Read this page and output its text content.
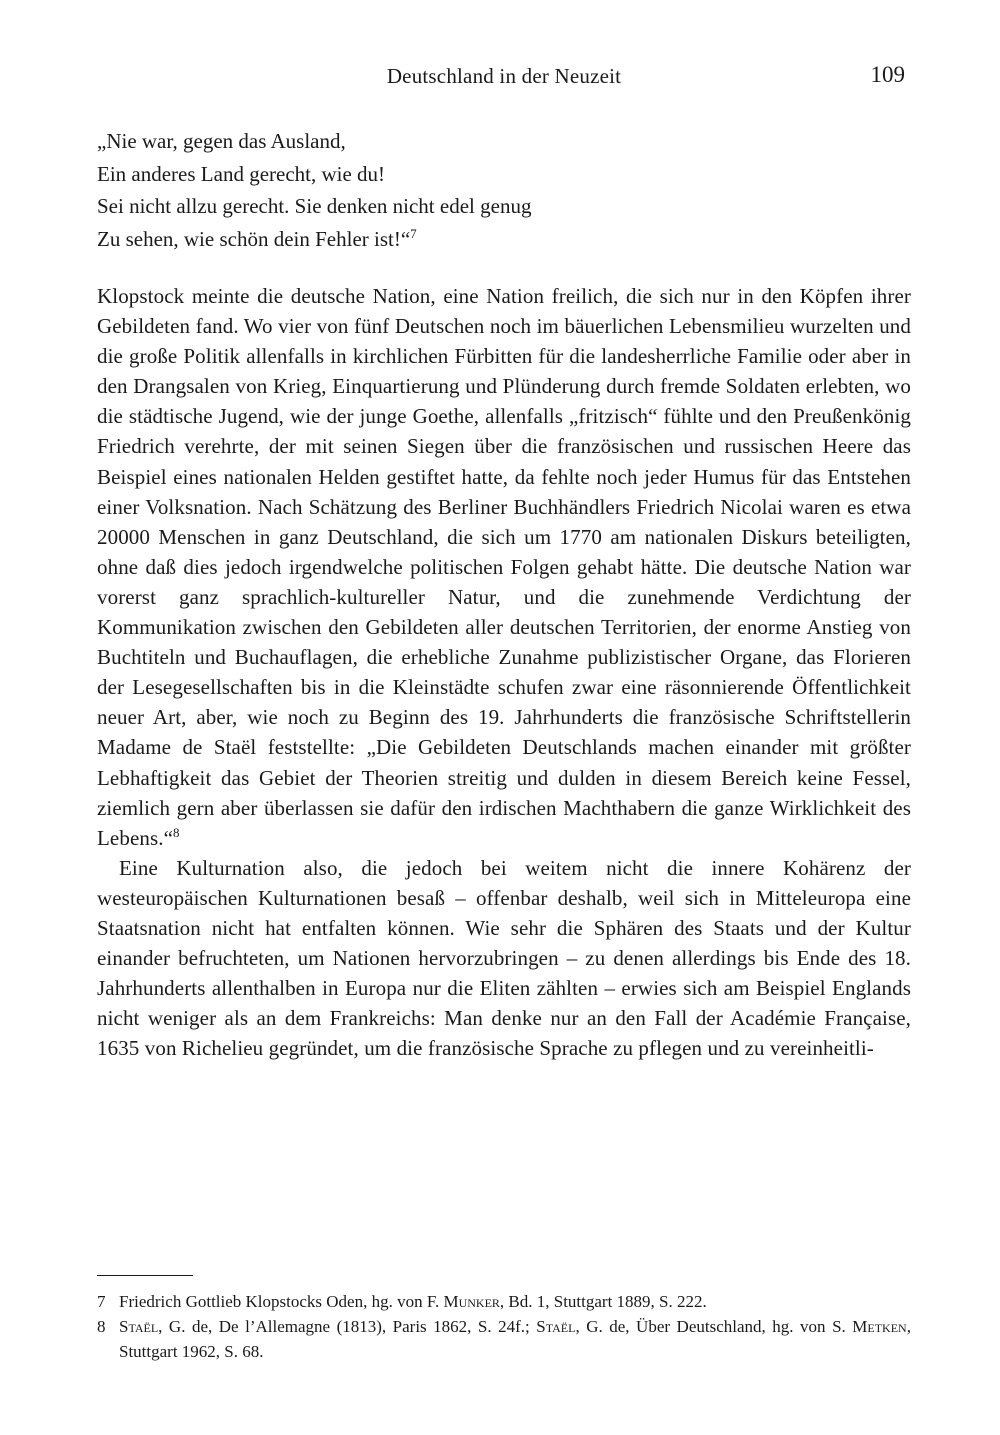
Deutschland in der Neuzeit	109
„Nie war, gegen das Ausland,
Ein anderes Land gerecht, wie du!
Sei nicht allzu gerecht. Sie denken nicht edel genug
Zu sehen, wie schön dein Fehler ist!“$^7$

Klopstock meinte die deutsche Nation, eine Nation freilich, die sich nur in den Köpfen ihrer Gebildeten fand. Wo vier von fünf Deutschen noch im bäuerlichen Lebensmilieu wurzelten und die große Politik allenfalls in kirchlichen Fürbitten für die landesherrliche Familie oder aber in den Drangsalen von Krieg, Einquartierung und Plünderung durch fremde Soldaten erlebten, wo die städtische Jugend, wie der junge Goethe, allenfalls „fritzisch“ fühlte und den Preußenkönig Friedrich verehrte, der mit seinen Siegen über die französischen und russischen Heere das Beispiel eines nationalen Helden gestiftet hatte, da fehlte noch jeder Humus für das Entstehen einer Volksnation. Nach Schätzung des Berliner Buchhändlers Friedrich Nicolai waren es etwa 20000 Menschen in ganz Deutschland, die sich um 1770 am nationalen Diskurs beteiligten, ohne daß dies jedoch irgendwelche politischen Folgen gehabt hätte. Die deutsche Nation war vorerst ganz sprachlich-kultureller Natur, und die zunehmende Verdichtung der Kommunikation zwischen den Gebildeten aller deutschen Territorien, der enorme Anstieg von Buchtiteln und Buchauflagen, die erhebliche Zunahme publizistischer Organe, das Florieren der Lesegesellschaften bis in die Kleinstädte schufen zwar eine räsonnierende Öffentlichkeit neuer Art, aber, wie noch zu Beginn des 19. Jahrhunderts die französische Schriftstellerin Madame de Staël feststellte: „Die Gebildeten Deutschlands machen einander mit größter Lebhaftigkeit das Gebiet der Theorien streitig und dulden in diesem Bereich keine Fessel, ziemlich gern aber überlassen sie dafür den irdischen Machthabern die ganze Wirklichkeit des Lebens.“$^8$

Eine Kulturnation also, die jedoch bei weitem nicht die innere Kohärenz der westeuropäischen Kulturnationen besaß – offenbar deshalb, weil sich in Mitteleuropa eine Staatsnation nicht hat entfalten können. Wie sehr die Sphären des Staats und der Kultur einander befruchteten, um Nationen hervorzubringen – zu denen allerdings bis Ende des 18. Jahrhunderts allenthalben in Europa nur die Eliten zählten – erwies sich am Beispiel Englands nicht weniger als an dem Frankreichs: Man denke nur an den Fall der Académie Française, 1635 von Richelieu gegründet, um die französische Sprache zu pflegen und zu vereinheitli-

7 Friedrich Gottlieb Klopstocks Oden, hg. von F. Munker, Bd. 1, Stuttgart 1889, S. 222.
8 Staël, G. de, De l’Allemagne (1813), Paris 1862, S. 24f.; Staël, G. de, Über Deutschland, hg. von S. Metken, Stuttgart 1962, S. 68.
